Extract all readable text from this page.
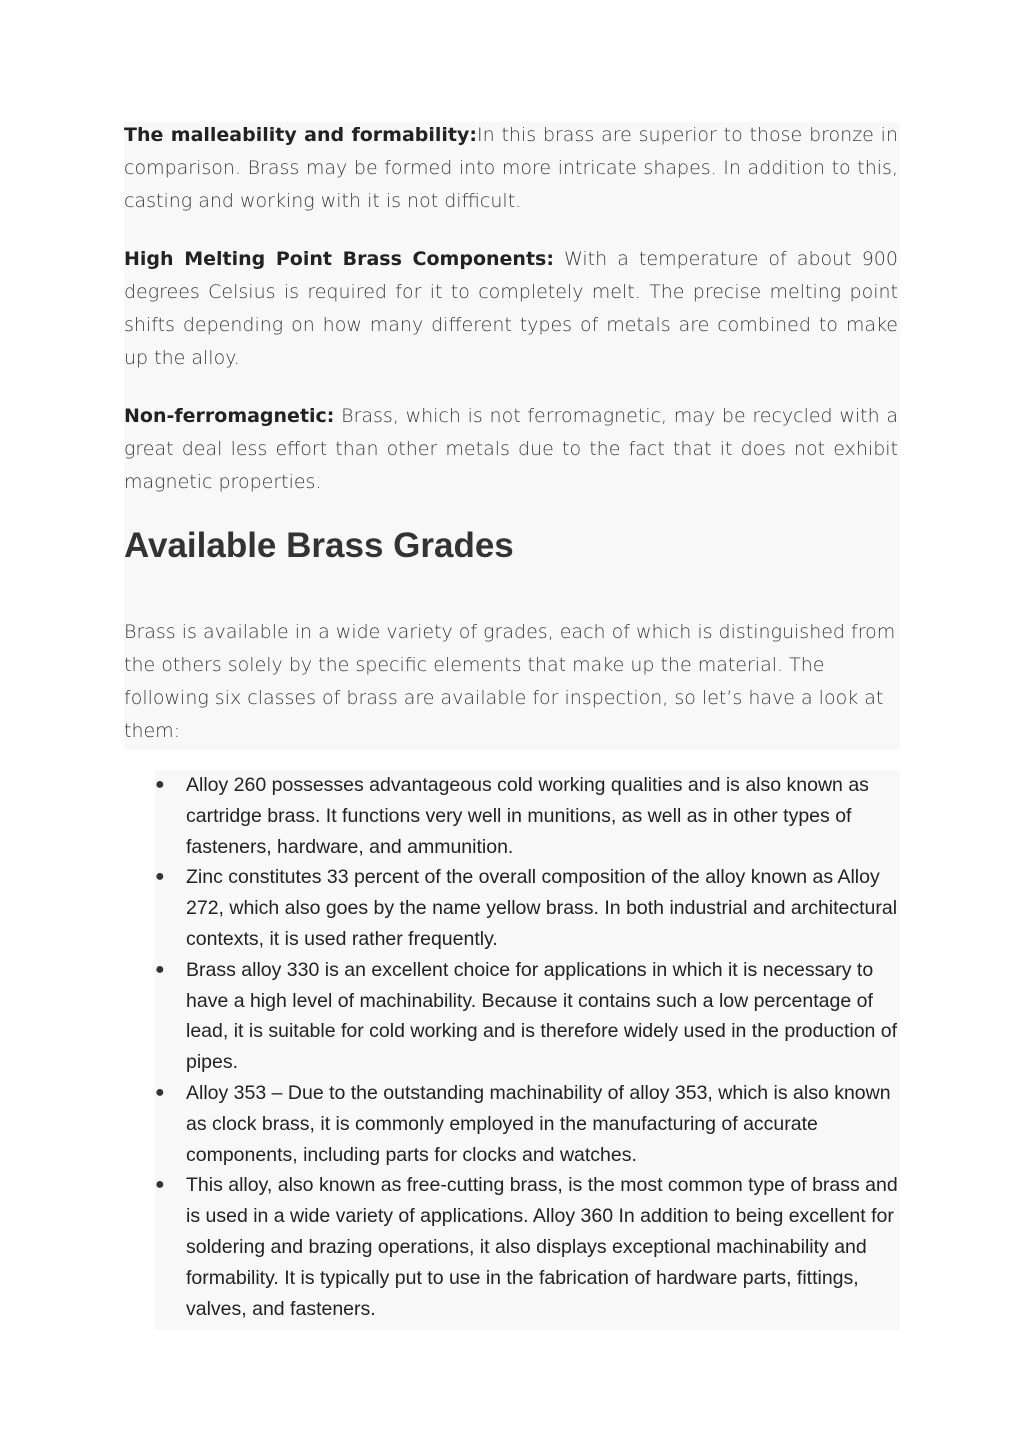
The malleability and formability:In this brass are superior to those bronze in comparison. Brass may be formed into more intricate shapes. In addition to this, casting and working with it is not difficult.

High Melting Point Brass Components: With a temperature of about 900 degrees Celsius is required for it to completely melt. The precise melting point shifts depending on how many different types of metals are combined to make up the alloy.

Non-ferromagnetic: Brass, which is not ferromagnetic, may be recycled with a great deal less effort than other metals due to the fact that it does not exhibit magnetic properties.

Available Brass Grades

Brass is available in a wide variety of grades, each of which is distinguished from the others solely by the specific elements that make up the material. The following six classes of brass are available for inspection, so let’s have a look at them:

● Alloy 260 possesses advantageous cold working qualities and is also known as cartridge brass. It functions very well in munitions, as well as in other types of fasteners, hardware, and ammunition.
● Zinc constitutes 33 percent of the overall composition of the alloy known as Alloy 272, which also goes by the name yellow brass. In both industrial and architectural contexts, it is used rather frequently.
● Brass alloy 330 is an excellent choice for applications in which it is necessary to have a high level of machinability. Because it contains such a low percentage of lead, it is suitable for cold working and is therefore widely used in the production of pipes.
● Alloy 353 – Due to the outstanding machinability of alloy 353, which is also known as clock brass, it is commonly employed in the manufacturing of accurate components, including parts for clocks and watches.
● This alloy, also known as free-cutting brass, is the most common type of brass and is used in a wide variety of applications. Alloy 360 In addition to being excellent for soldering and brazing operations, it also displays exceptional machinability and formability. It is typically put to use in the fabrication of hardware parts, fittings, valves, and fasteners.
